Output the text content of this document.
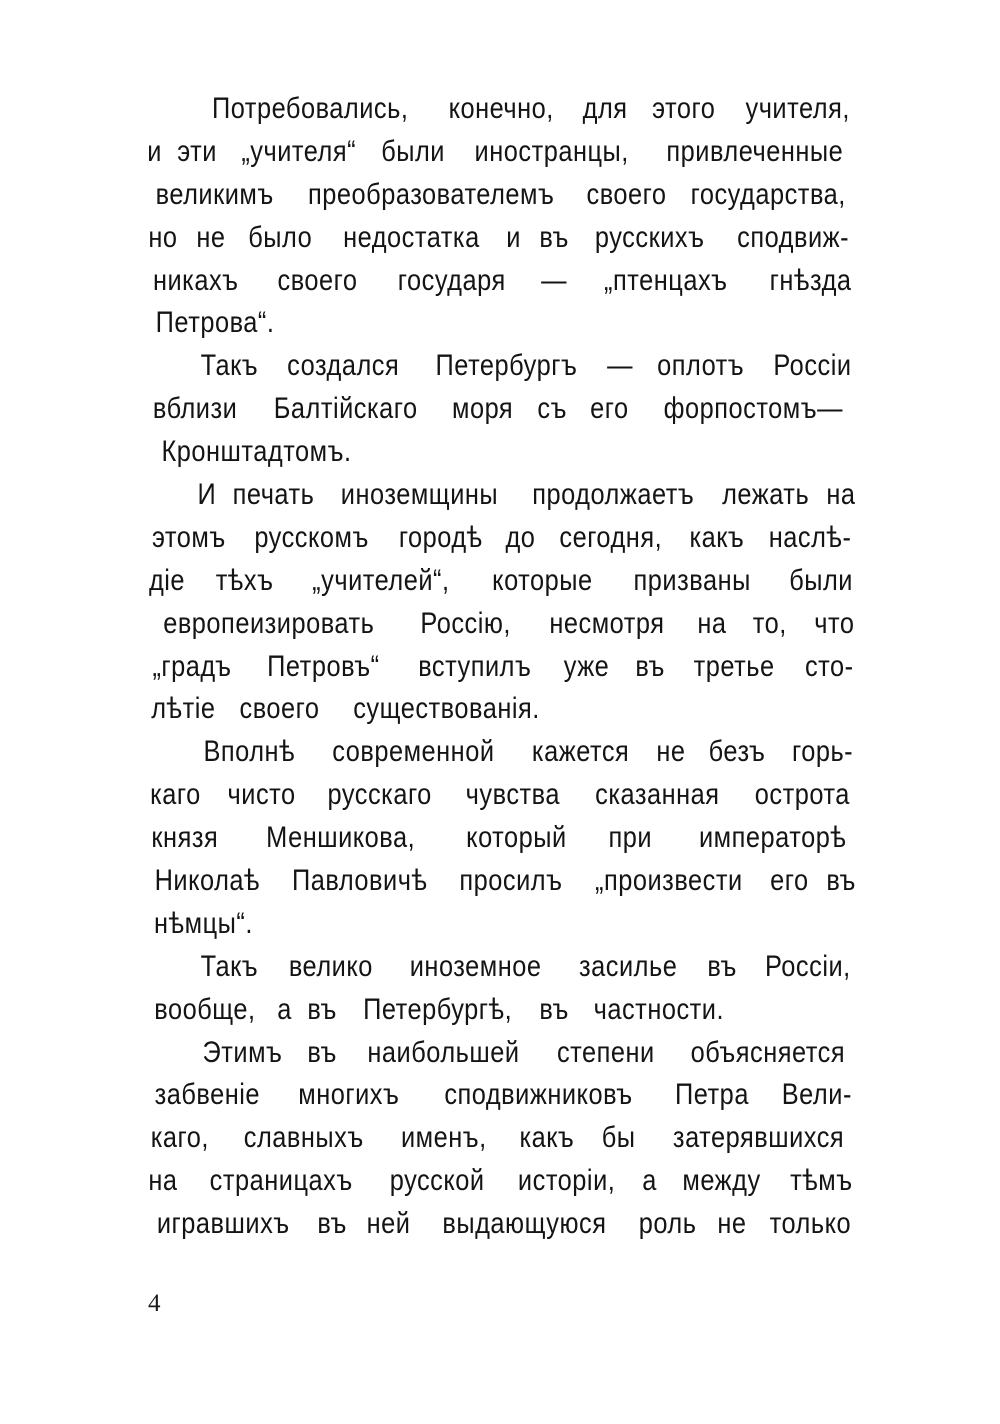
Потребовались, конечно, для этого учителя,
и эти „учителя“ были иностранцы, привлеченные
великимъ преобразователемъ своего государства,
но не было недостатка и въ русскихъ сподвиж-
никахъ своего государя — „птенцахъ гнѣзда
Петрова“.
Такъ создался Петербургъ — оплотъ Россіи
вблизи Балтійскаго моря съ его форпостомъ—
Кронштадтомъ.
И печать иноземщины продолжаетъ лежать на
этомъ русскомъ городѣ до сегодня, какъ наслѣ-
діе тѣхъ „учителей“, которые призваны были
европеизировать Россію, несмотря на то, что
„градъ Петровъ“ вступилъ уже въ третье сто-
лѣтіе своего существованія.
Вполнѣ современной кажется не безъ горь-
каго чисто русскаго чувства сказанная острота
князя Меншикова, который при императорѣ
Николаѣ Павловичѣ просилъ „произвести его въ
нѣмцы“.
Такъ велико иноземное засилье въ Россіи,
вообще, а въ Петербургѣ, въ частности.
Этимъ въ наибольшей степени объясняется
забвеніе многихъ сподвижниковъ Петра Вели-
каго, славныхъ именъ, какъ бы затерявшихся
на страницахъ русской исторіи, а между тѣмъ
игравшихъ въ ней выдающуюся роль не только
4
